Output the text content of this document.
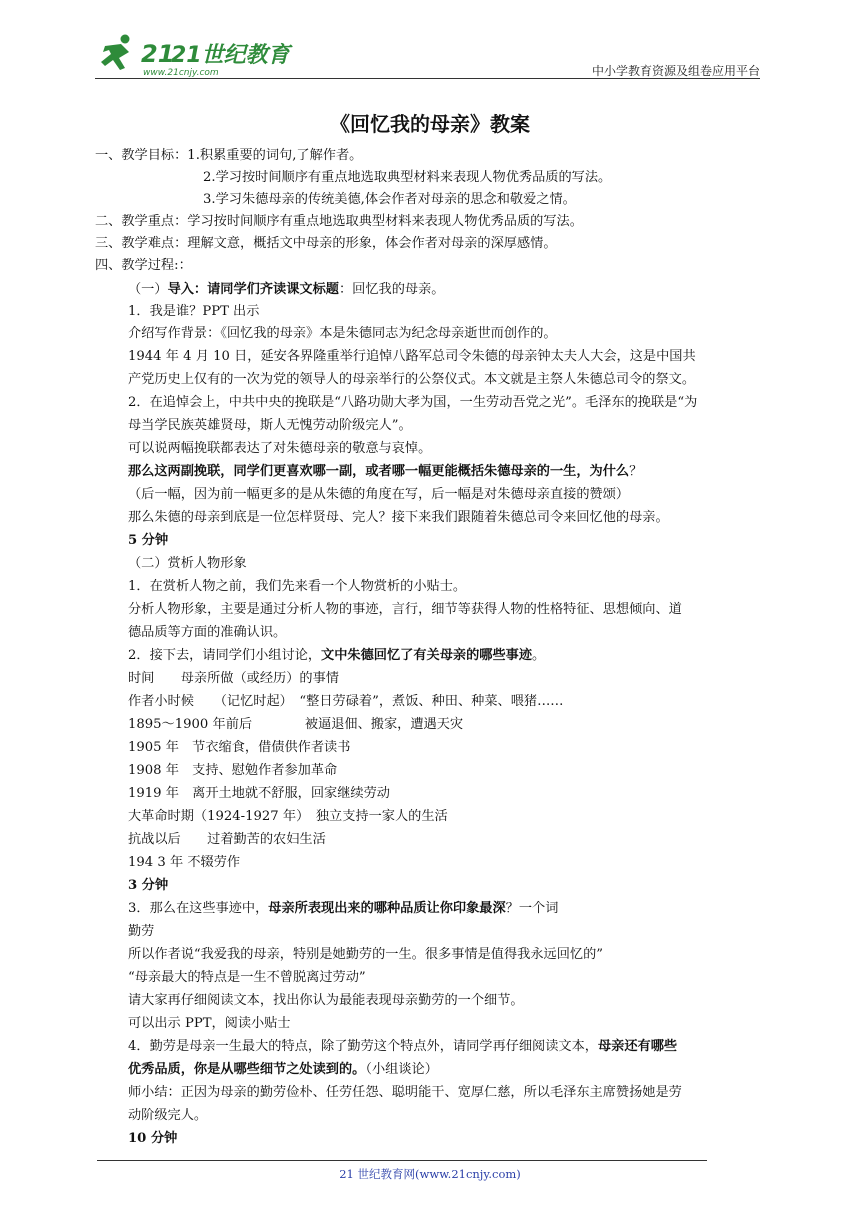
21
21世纪教育
www.21cnjy.com	中小学教育资源及组卷应用平台
《回忆我的母亲》教案
一、教学目标：1.积累重要的词句,了解作者。
2.学习按时间顺序有重点地选取典型材料来表现人物优秀品质的写法。
3.学习朱德母亲的传统美德,体会作者对母亲的思念和敬爱之情。
二、教学重点：学习按时间顺序有重点地选取典型材料来表现人物优秀品质的写法。
三、教学难点：理解文意，概括文中母亲的形象，体会作者对母亲的深厚感情。
四、教学过程:：
（一）导入：请同学们齐读课文标题：回忆我的母亲。
1．我是谁？PPT 出示
介绍写作背景：《回忆我的母亲》本是朱德同志为纪念母亲逝世而创作的。
1944 年 4 月 10 日，延安各界隆重举行追悼八路军总司令朱德的母亲钟太夫人大会，这是中国共
产党历史上仅有的一次为党的领导人的母亲举行的公祭仪式。本文就是主祭人朱德总司令的祭文。
2．在追悼会上，中共中央的挽联是“八路功勋大孝为国，一生劳动吾党之光”。毛泽东的挽联是“为
母当学民族英雄贤母，斯人无愧劳动阶级完人”。
可以说两幅挽联都表达了对朱德母亲的敬意与哀悼。
那么这两副挽联，同学们更喜欢哪一副，或者哪一幅更能概括朱德母亲的一生，为什么？
（后一幅，因为前一幅更多的是从朱德的角度在写，后一幅是对朱德母亲直接的赞颂）
那么朱德的母亲到底是一位怎样贤母、完人？接下来我们跟随着朱德总司令来回忆他的母亲。
5 分钟
（二）赏析人物形象
1．在赏析人物之前，我们先来看一个人物赏析的小贴士。
分析人物形象，主要是通过分析人物的事迹，言行，细节等获得人物的性格特征、思想倾向、道
德品质等方面的准确认识。
2．接下去，请同学们小组讨论，文中朱德回忆了有关母亲的哪些事迹。
时间　　母亲所做（或经历）的事情
作者小时候　　（记忆时起）　“整日劳碌着”，煮饭、种田、种菜、喂猪……
1895～1900 年前后　　　　被逼退佃、搬家，遭遇天灾
1905 年　节衣缩食，借债供作者读书
1908 年　支持、慰勉作者参加革命
1919 年　离开土地就不舒服，回家继续劳动
大革命时期（1924-1927 年）　独立支持一家人的生活
抗战以后　　过着勤苦的农妇生活
194 3 年 不辍劳作
3 分钟
3．那么在这些事迹中，母亲所表现出来的哪种品质让你印象最深？一个词
勤劳
所以作者说“我爱我的母亲，特别是她勤劳的一生。很多事情是值得我永远回忆的”
“母亲最大的特点是一生不曾脱离过劳动”
请大家再仔细阅读文本，找出你认为最能表现母亲勤劳的一个细节。
可以出示 PPT，阅读小贴士
4．勤劳是母亲一生最大的特点，除了勤劳这个特点外，请同学再仔细阅读文本，母亲还有哪些
优秀品质，你是从哪些细节之处读到的。（小组谈论）
师小结：正因为母亲的勤劳俭朴、任劳任怨、聪明能干、宽厚仁慈，所以毛泽东主席赞扬她是劳
动阶级完人。
10 分钟
21 世纪教育网(www.21cnjy.com)
